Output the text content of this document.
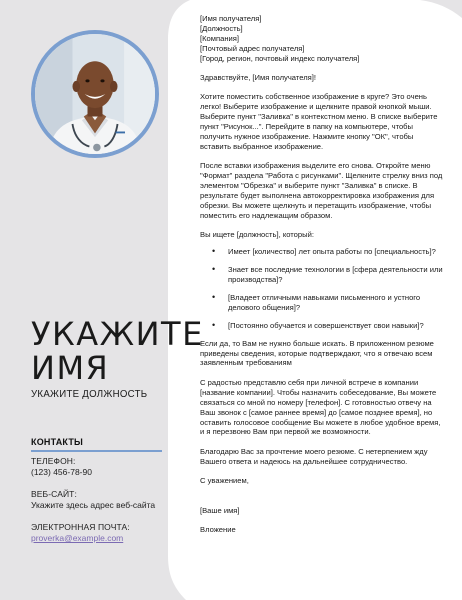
УКАЖИТЕ
ИМЯ
УКАЖИТЕ ДОЛЖНОСТЬ
КОНТАКТЫ
ТЕЛЕФОН:
(123) 456-78-90
ВЕБ-САЙТ:
Укажите здесь адрес веб-сайта
ЭЛЕКТРОННАЯ ПОЧТА:
proverka@example.com
[Имя получателя]
[Должность]
[Компания]
[Почтовый адрес получателя]
[Город, регион, почтовый индекс получателя]

Здравствуйте, [Имя получателя]!

Хотите поместить собственное изображение в круге? Это очень легко! Выберите изображение и щелкните правой кнопкой мыши. Выберите пункт "Заливка" в контекстном меню. В списке выберите пункт "Рисунок...". Перейдите в папку на компьютере, чтобы получить нужное изображение. Нажмите кнопку "ОК", чтобы вставить выбранное изображение.

После вставки изображения выделите его снова. Откройте меню "Формат" раздела "Работа с рисунками". Щелкните стрелку вниз под элементом "Обрезка" и выберите пункт "Заливка" в списке. В результате будет выполнена автокорректировка изображения для обрезки. Вы можете щелкнуть и перетащить изображение, чтобы поместить его надлежащим образом.

Вы ищете [должность], который:

• Имеет [количество] лет опыта работы по [специальность]?
• Знает все последние технологии в [сфера деятельности или производства]?
• [Владеет отличными навыками письменного и устного делового общения]?
• [Постоянно обучается и совершенствует свои навыки]?

Если да, то Вам не нужно больше искать. В приложенном резюме приведены сведения, которые подтверждают, что я отвечаю всем заявленным требованиям

С радостью представлю себя при личной встрече в компании [название компании]. Чтобы назначить собеседование, Вы можете связаться со мной по номеру [телефон]. С готовностью отвечу на Ваш звонок с [самое раннее время] до [самое позднее время], но оставить голосовое сообщение Вы можете в любое удобное время, и я перезвоню Вам при первой же возможности.

Благодарю Вас за прочтение моего резюме. С нетерпением жду Вашего ответа и надеюсь на дальнейшее сотрудничество.

С уважением,

[Ваше имя]

Вложение
